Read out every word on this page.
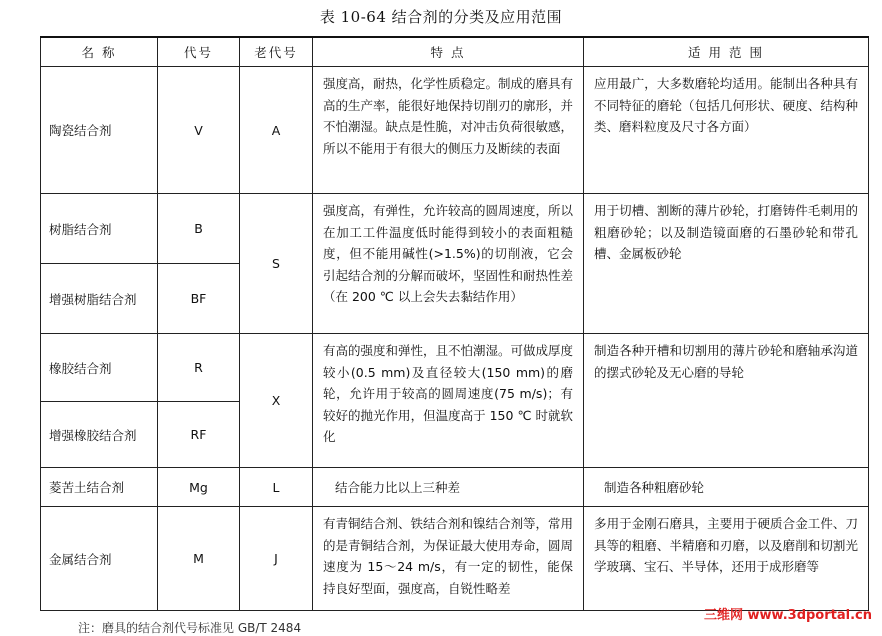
表 10-64 结合剂的分类及应用范围
名 称	代号	老代号	特 点	适 用 范 围
陶瓷结合剂	V	A	强度高，耐热，化学性质稳定。制成的磨具有高的生产率，能很好地保持切削刃的廓形，并不怕潮湿。缺点是性脆，对冲击负荷很敏感，所以不能用于有很大的侧压力及断续的表面	应用最广，大多数磨轮均适用。能制出各种具有不同特征的磨轮（包括几何形状、硬度、结构种类、磨料粒度及尺寸各方面）
树脂结合剂	B	S	强度高，有弹性，允许较高的圆周速度，所以在加工工件温度低时能得到较小的表面粗糙度，但不能用碱性(>1.5%)的切削液，它会引起结合剂的分解而破坏，坚固性和耐热性差（在 200 ℃ 以上会失去黏结作用）	用于切槽、割断的薄片砂轮，打磨铸件毛刺用的粗磨砂轮；以及制造镜面磨的石墨砂轮和带孔槽、金属板砂轮
增强树脂结合剂	BF			
橡胶结合剂	R	X	有高的强度和弹性，且不怕潮湿。可做成厚度较小(0.5 mm)及直径较大(150 mm)的磨轮，允许用于较高的圆周速度(75 m/s)；有较好的抛光作用，但温度高于 150 ℃ 时就软化	制造各种开槽和切割用的薄片砂轮和磨轴承沟道的摆式砂轮及无心磨的导轮
增强橡胶结合剂	RF			
菱苦土结合剂	Mg	L	结合能力比以上三种差	制造各种粗磨砂轮
金属结合剂	M	J	有青铜结合剂、铁结合剂和镍结合剂等，常用的是青铜结合剂，为保证最大使用寿命，圆周速度为 15～24 m/s，有一定的韧性，能保持良好型面，强度高，自锐性略差	多用于金刚石磨具，主要用于硬质合金工件、刀具等的粗磨、半精磨和刃磨，以及磨削和切割光学玻璃、宝石、半导体，还用于成形磨等
注：磨具的结合剂代号标准见 GB/T 2484
三维网 www.3dportal.cn
